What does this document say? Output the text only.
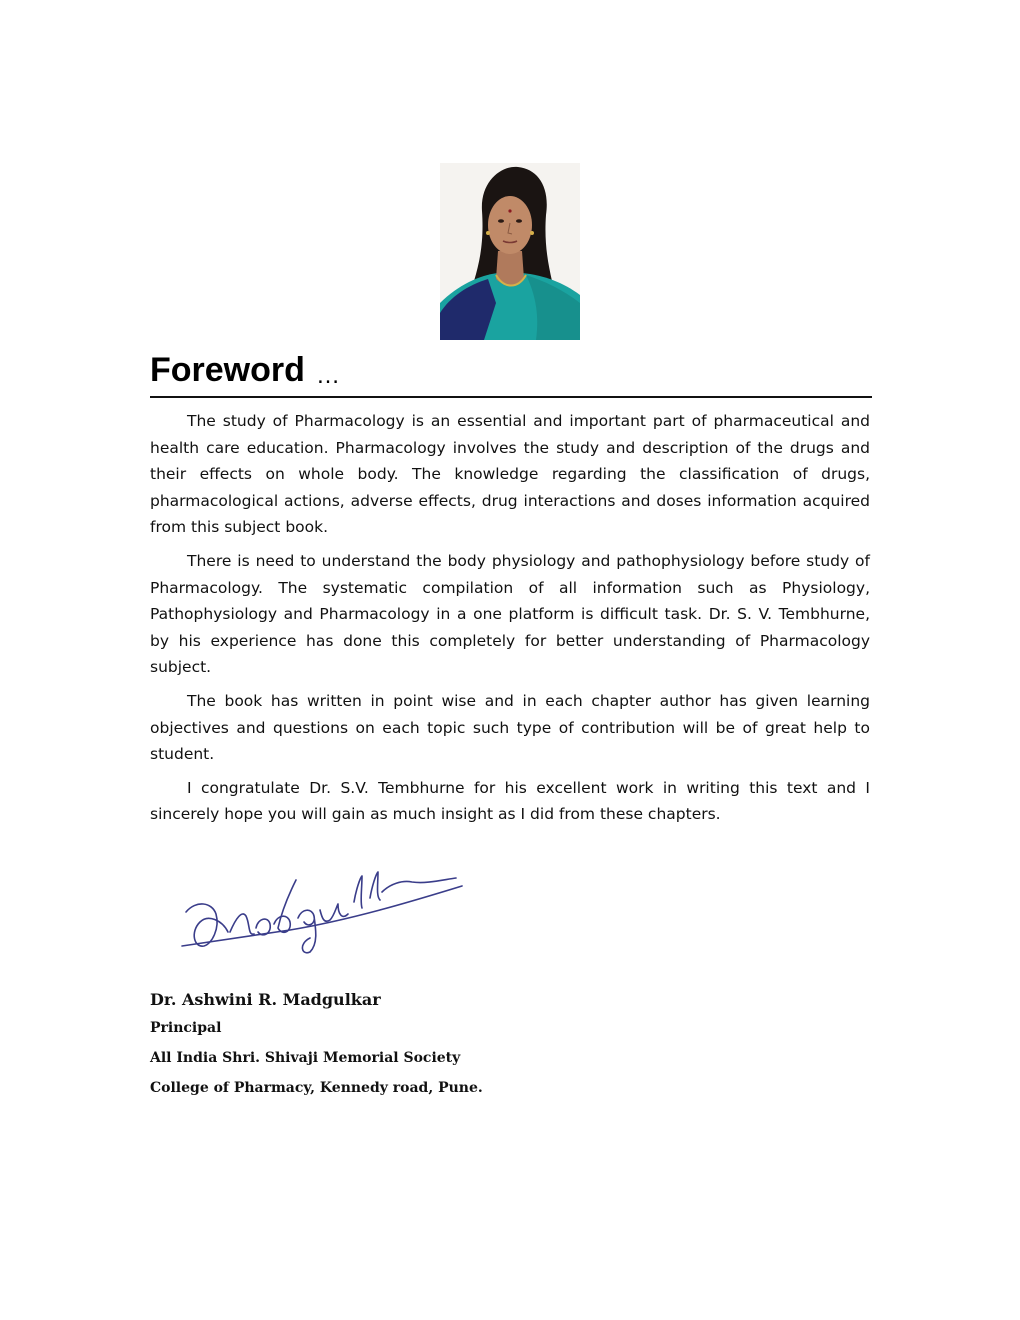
Foreword …

The study of Pharmacology is an essential and important part of pharmaceutical and health care education. Pharmacology involves the study and description of the drugs and their effects on whole body. The knowledge regarding the classification of drugs, pharmacological actions, adverse effects, drug interactions and doses information acquired from this subject book.

There is need to understand the body physiology and pathophysiology before study of Pharmacology. The systematic compilation of all information such as Physiology, Pathophysiology and Pharmacology in a one platform is difficult task. Dr. S. V. Tembhurne, by his experience has done this completely for better understanding of Pharmacology subject.

The book has written in point wise and in each chapter author has given learning objectives and questions on each topic such type of contribution will be of great help to student.

I congratulate Dr. S.V. Tembhurne for his excellent work in writing this text and I sincerely hope you will gain as much insight as I did from these chapters.

Dr. Ashwini R. Madgulkar
Principal
All India Shri. Shivaji Memorial Society
College of Pharmacy, Kennedy road, Pune.
